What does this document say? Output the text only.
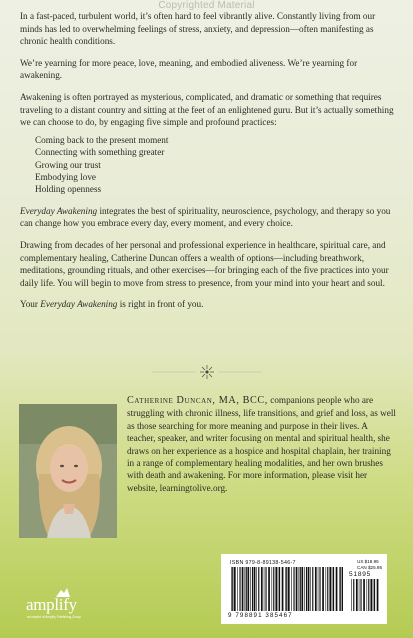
Copyrighted Material

In a fast-paced, turbulent world, it’s often hard to feel vibrantly alive. Constantly living from our minds has led to overwhelming feelings of stress, anxiety, and depression—often manifesting as chronic health conditions.

We’re yearning for more peace, love, meaning, and embodied aliveness. We’re yearning for awakening.

Awakening is often portrayed as mysterious, complicated, and dramatic or something that requires traveling to a distant country and sitting at the feet of an enlightened guru. But it’s actually something we can choose to do, by engaging five simple and profound practices:

Coming back to the present moment
Connecting with something greater
Growing our trust
Embodying love
Holding openness

Everyday Awakening integrates the best of spirituality, neuroscience, psychology, and therapy so you can change how you embrace every day, every moment, and every choice.

Drawing from decades of her personal and professional experience in healthcare, spiritual care, and complementary healing, Catherine Duncan offers a wealth of options—including breathwork, meditations, grounding rituals, and other exercises—for bringing each of the five practices into your daily life. You will begin to move from stress to presence, from your mind into your heart and soul.

Your Everyday Awakening is right in front of you.

Catherine Duncan, MA, BCC, companions people who are struggling with chronic illness, life transitions, and grief and loss, as well as those searching for more meaning and purpose in their lives. A teacher, speaker, and writer focusing on mental and spiritual health, she draws on her experience as a hospice and hospital chaplain, her training in a range of complementary healing modalities, and her own brushes with death and awakening. For more information, please visit her website, learningtolive.org.
amplify
an imprint of Amplify Publishing Group
ISBN 979-8-89138-546-7	US $18.95
CAN $25.95
51895
9 798891 385467
